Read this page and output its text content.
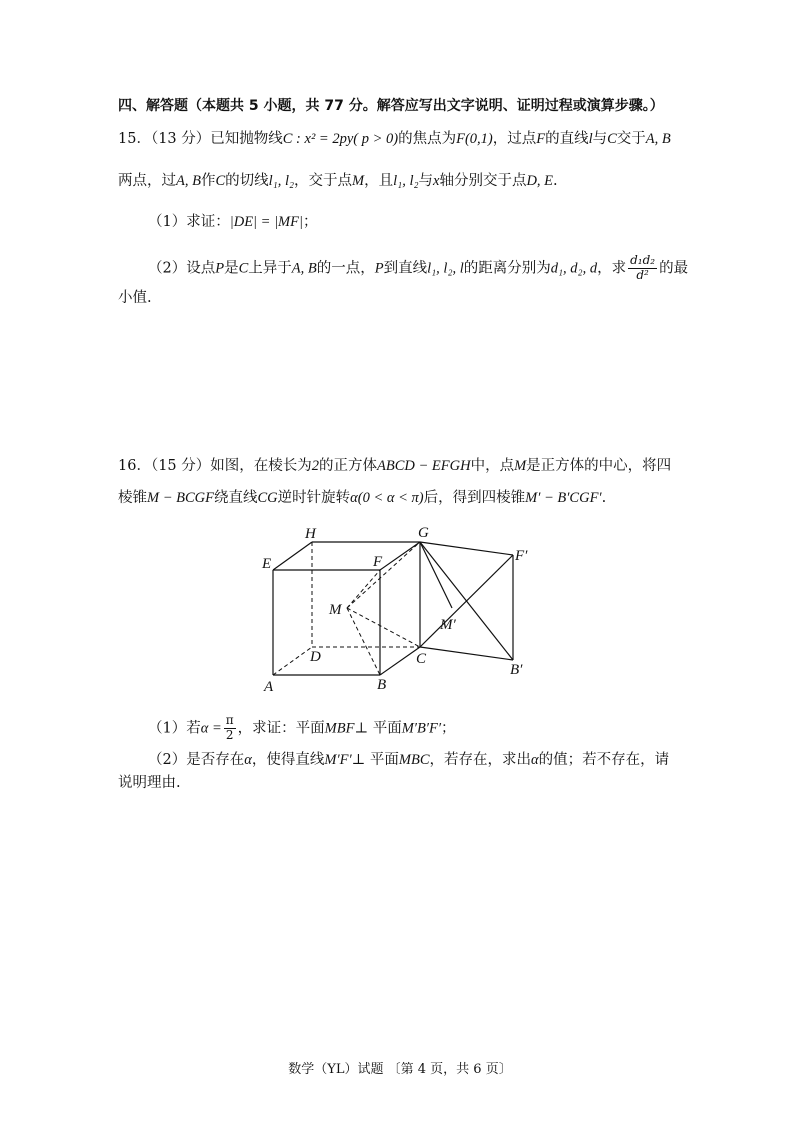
四、解答题（本题共 5 小题，共 77 分。解答应写出文字说明、证明过程或演算步骤。）
15．（13 分）已知抛物线C : x² = 2py( p > 0)的焦点为F(0,1)，过点F的直线l与C交于A, B
两点，过A, B作C的切线l₁, l₂，交于点M，且l₁, l₂与x轴分别交于点D, E.
（1）求证：|DE| = |MF|；
（2）设点P是C上异于A, B的一点，P到直线l₁, l₂, l的距离分别为d₁, d₂, d，求 $\frac{\text{d₁d₂}}{\text{d²}}$ 的最
小值.
16．（15 分）如图，在棱长为2的正方体ABCD − EFGH中，点M是正方体的中心，将四
棱锥M − BCGF绕直线CG逆时针旋转α(0 < α < π)后，得到四棱锥M′ − B′CGF′.
H	G
E	F	F′
M
M′
D	C
A	B
B′
（1）若$\alpha = \frac{\pi}{2}$ ，求证：平面MBF⊥ 平面M′B′F′；
（2）是否存在α，使得直线M′F′⊥ 平面MBC，若存在，求出α的值；若不存在，请
说明理由.
数学（YL）试题 〔第 4 页，共 6 页〕
